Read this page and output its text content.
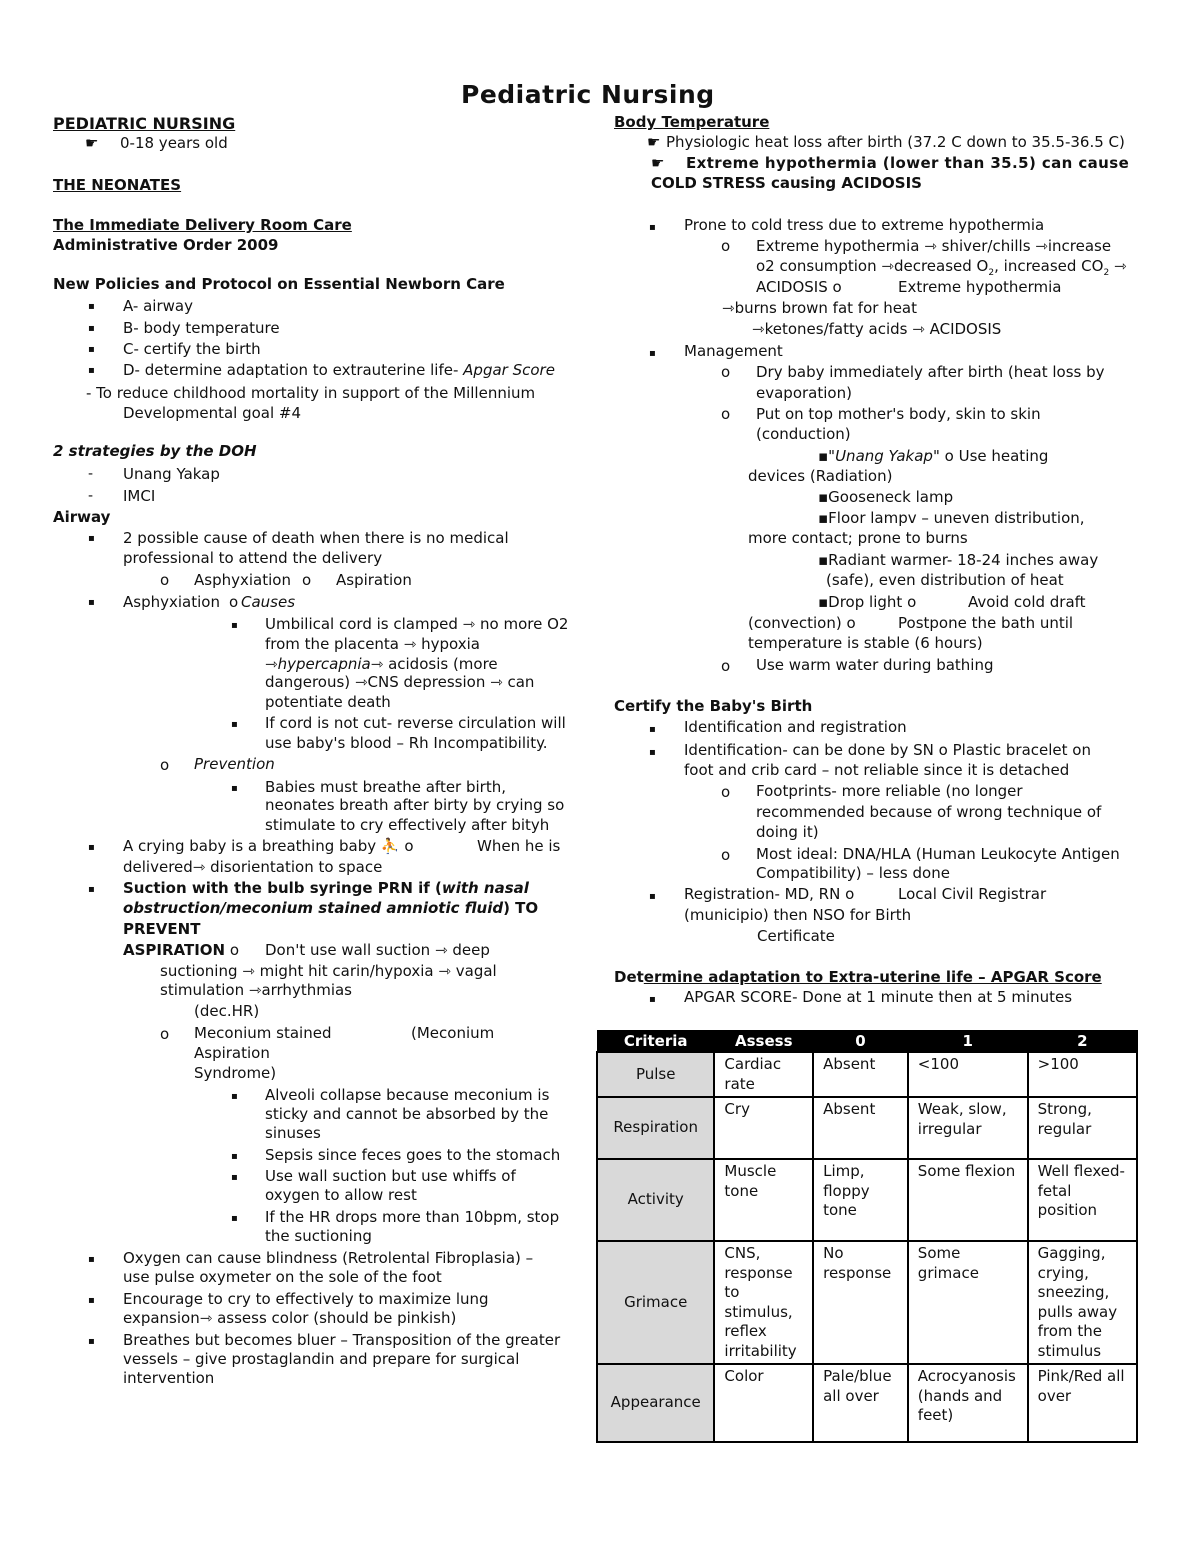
Pediatric Nursing
PEDIATRIC NURSING
☛ 0-18 years old
THE NEONATES
The Immediate Delivery Room Care
Administrative Order 2009
New Policies and Protocol on Essential Newborn Care
▪ A- airway
▪ B- body temperature
▪ C- certify the birth
▪ D- determine adaptation to extrauterine life- Apgar Score
- To reduce childhood mortality in support of the Millennium
Developmental goal #4
2 strategies by the DOH
- Unang Yakap
- IMCI
Airway
▪ 2 possible cause of death when there is no medical
professional to attend the delivery
o Asphyxiation o Aspiration
▪ Asphyxiation o Causes
▪ Umbilical cord is clamped ⇾ no more O2
from the placenta ⇾ hypoxia
⇾hypercapnia⇾ acidosis (more
dangerous) ⇾CNS depression ⇾ can
potentiate death
▪ If cord is not cut- reverse circulation will
use baby's blood – Rh Incompatibility.
o Prevention
▪ Babies must breathe after birth,
neonates breath after birty by crying so
stimulate to cry effectively after bityh
▪ A crying baby is a breathing baby ⛹ o	When he is
delivered⇾ disorientation to space
▪ Suction with the bulb syringe PRN if (with nasal
obstruction/meconium stained amniotic fluid) TO
PREVENT
ASPIRATION o Don't use wall suction ⇾ deep
suctioning ⇾ might hit carin/hypoxia ⇾ vagal
stimulation ⇾arrhythmias
(dec.HR)
o Meconium stained	(Meconium
Aspiration
Syndrome)
▪ Alveoli collapse because meconium is
sticky and cannot be absorbed by the
sinuses
▪ Sepsis since feces goes to the stomach
▪ Use wall suction but use whiffs of
oxygen to allow rest
▪ If the HR drops more than 10bpm, stop
the suctioning
▪ Oxygen can cause blindness (Retrolental Fibroplasia) –
use pulse oxymeter on the sole of the foot
▪ Encourage to cry to effectively to maximize lung
expansion⇾ assess color (should be pinkish)
▪ Breathes but becomes bluer – Transposition of the greater
vessels – give prostaglandin and prepare for surgical
intervention
Body Temperature
☛ Physiologic heat loss after birth (37.2 C down to 35.5-36.5 C)
☛ Extreme hypothermia (lower than 35.5) can cause
COLD STRESS causing ACIDOSIS
▪ Prone to cold tress due to extreme hypothermia
o Extreme hypothermia ⇾ shiver/chills ⇾increase
o2 consumption ⇾decreased $O_2$, increased $CO_2$ ⇾
ACIDOSIS o	Extreme hypothermia
⇾burns brown fat for heat
⇾ketones/fatty acids ⇾ ACIDOSIS
▪ Management
o Dry baby immediately after birth (heat loss by
evaporation)
o Put on top mother's body, skin to skin
(conduction)
▪"Unang Yakap" o Use heating
devices (Radiation)
▪Gooseneck lamp
▪Floor lampv – uneven distribution,
more contact; prone to burns
▪Radiant warmer- 18-24 inches away
(safe), even distribution of heat
▪Drop light o	Avoid cold draft
(convection) o	Postpone the bath until
temperature is stable (6 hours)
o Use warm water during bathing
Certify the Baby's Birth
▪ Identification and registration
▪ Identification- can be done by SN o Plastic bracelet on
foot and crib card – not reliable since it is detached
o Footprints- more reliable (no longer
recommended because of wrong technique of
doing it)
o Most ideal: DNA/HLA (Human Leukocyte Antigen
Compatibility) – less done
▪ Registration- MD, RN o	Local Civil Registrar
(municipio) then NSO for Birth
Certificate
Determine adaptation to Extra-uterine life – APGAR Score
▪ APGAR SCORE- Done at 1 minute then at 5 minutes
Criteria	Assess	0	1	2
Pulse	Cardiac rate	Absent	<100	>100
Respiration	Cry	Absent	Weak, slow, irregular	Strong, regular
Activity	Muscle tone	Limp, floppy tone	Some flexion	Well flexed- fetal position
Grimace	CNS, response to stimulus, reflex irritability	No response	Some grimace	Gagging, crying, sneezing, pulls away from the stimulus
Appearance	Color	Pale/blue all over	Acrocyanosis (hands and feet)	Pink/Red all over
